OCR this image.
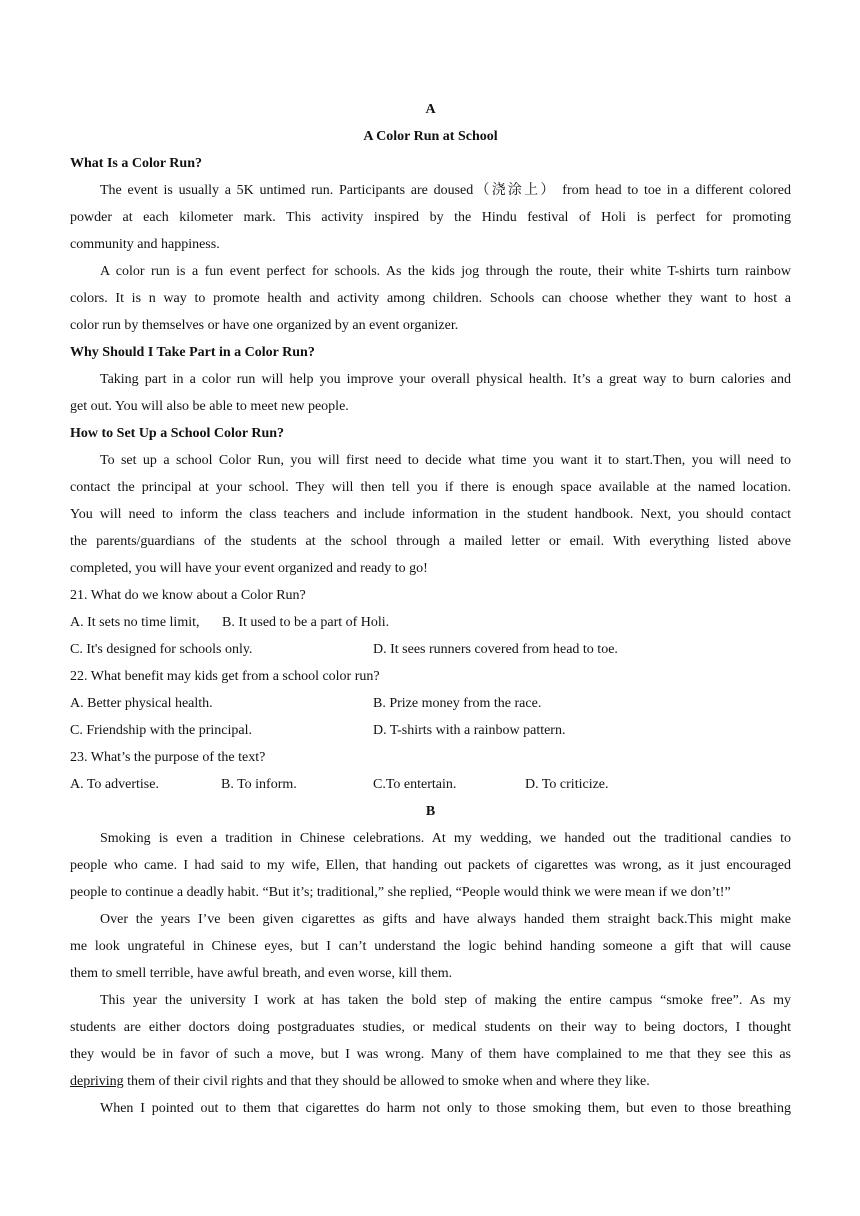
A
A Color Run at School
What Is a Color Run?
The event is usually a 5K untimed run. Participants are doused（浇涂上） from head to toe in a different colored
powder at each kilometer mark. This activity inspired by the Hindu festival of Holi is perfect for promoting
community and happiness.
A color run is a fun event perfect for schools. As the kids jog through the route, their white T-shirts turn rainbow
colors. It is n way to promote health and activity among children. Schools can choose whether they want to host a
color run by themselves or have one organized by an event organizer.
Why Should I Take Part in a Color Run?
Taking part in a color run will help you improve your overall physical health. It’s a great way to burn calories and
get out. You will also be able to meet new people.
How to Set Up a School Color Run?
To set up a school Color Run, you will first need to decide what time you want it to start.Then, you will need to
contact the principal at your school. They will then tell you if there is enough space available at the named location.
You will need to inform the class teachers and include information in the student handbook. Next, you should contact
the parents/guardians of the students at the school through a mailed letter or email. With everything listed above
completed, you will have your event organized and ready to go!
21. What do we know about a Color Run?
A. It sets no time limit, B. It used to be a part of Holi.
C. It's designed for schools only.	D. It sees runners covered from head to toe.
22. What benefit may kids get from a school color run?
A. Better physical health.	B. Prize money from the race.
C. Friendship with the principal.	D. T-shirts with a rainbow pattern.
23. What’s the purpose of the text?
A. To advertise.	B. To inform.	C.To entertain.	D. To criticize.
B
Smoking is even a tradition in Chinese celebrations. At my wedding, we handed out the traditional candies to
people who came. I had said to my wife, Ellen, that handing out packets of cigarettes was wrong, as it just encouraged
people to continue a deadly habit. “But it’s; traditional,” she replied, “People would think we were mean if we don’t!”
Over the years I’ve been given cigarettes as gifts and have always handed them straight back.This might make
me look ungrateful in Chinese eyes, but I can’t understand the logic behind handing someone a gift that will cause
them to smell terrible, have awful breath, and even worse, kill them.
This year the university I work at has taken the bold step of making the entire campus “smoke free”. As my
students are either doctors doing postgraduates studies, or medical students on their way to being doctors, I thought
they would be in favor of such a move, but I was wrong. Many of them have complained to me that they see this as
depriving them of their civil rights and that they should be allowed to smoke when and where they like.
When I pointed out to them that cigarettes do harm not only to those smoking them, but even to those breathing
